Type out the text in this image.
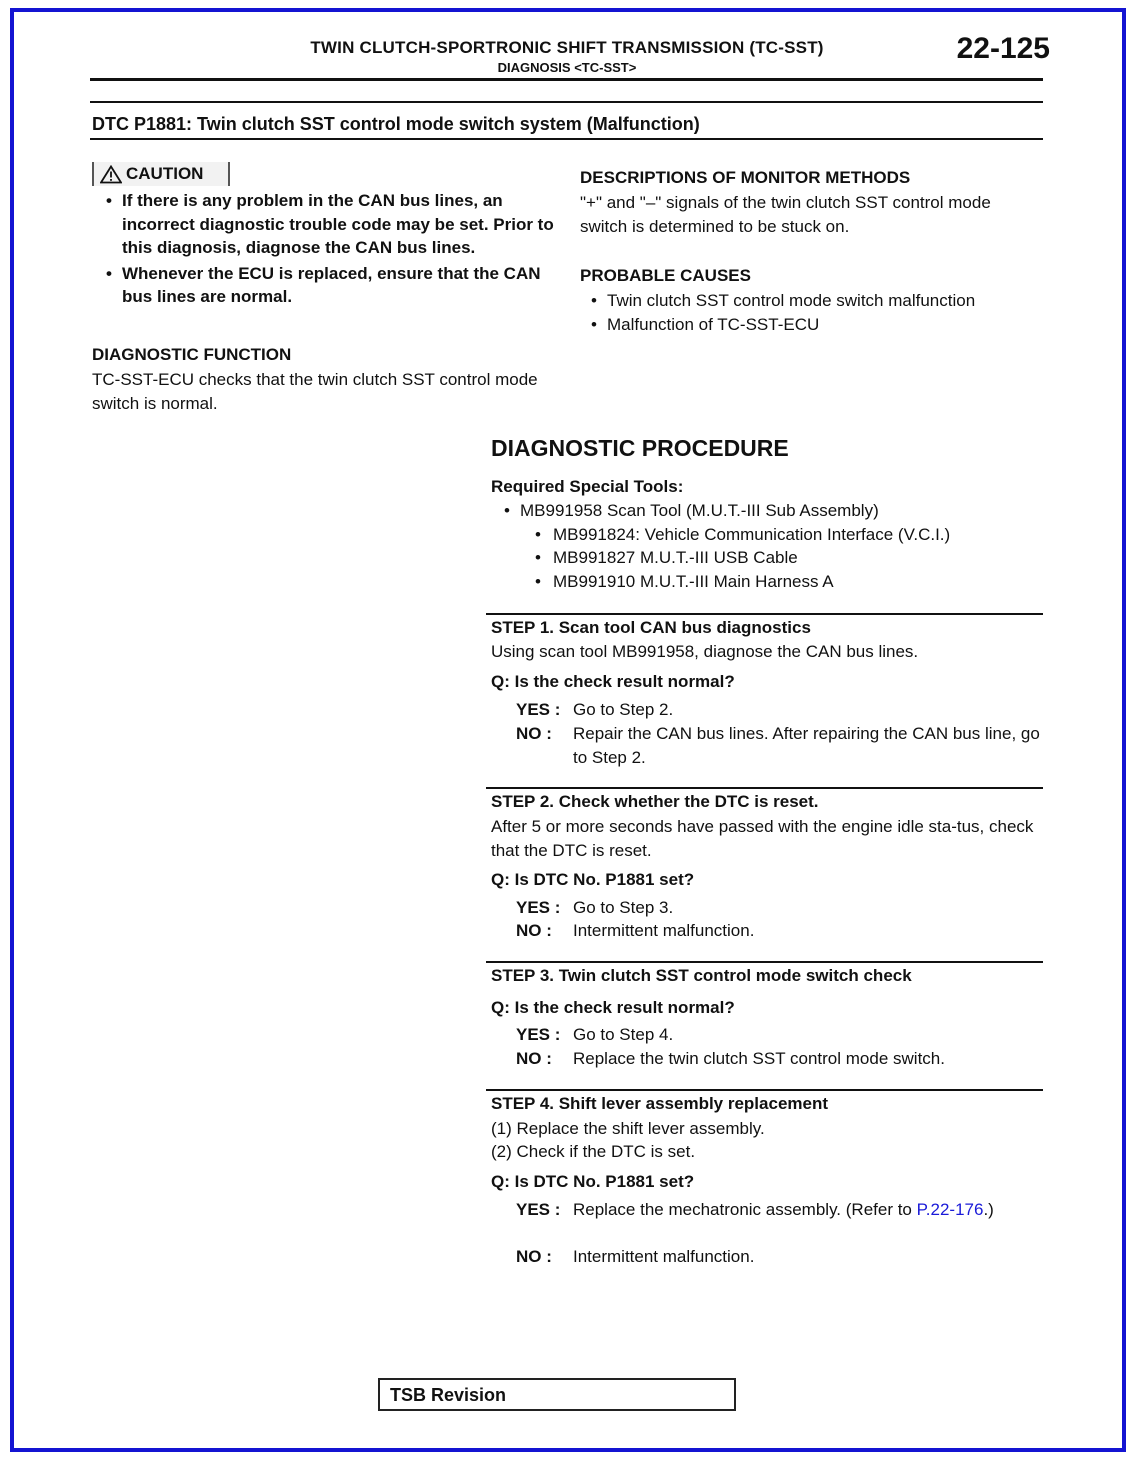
TWIN CLUTCH-SPORTRONIC SHIFT TRANSMISSION (TC-SST)
DIAGNOSIS <TC-SST>
22-125
DTC P1881: Twin clutch SST control mode switch system (Malfunction)
CAUTION
• If there is any problem in the CAN bus lines, an incorrect diagnostic trouble code may be set. Prior to this diagnosis, diagnose the CAN bus lines.
• Whenever the ECU is replaced, ensure that the CAN bus lines are normal.
DIAGNOSTIC FUNCTION
TC-SST-ECU checks that the twin clutch SST control mode switch is normal.
DESCRIPTIONS OF MONITOR METHODS
"+" and "–" signals of the twin clutch SST control mode switch is determined to be stuck on.
PROBABLE CAUSES
• Twin clutch SST control mode switch malfunction
• Malfunction of TC-SST-ECU
DIAGNOSTIC PROCEDURE
Required Special Tools:
• MB991958 Scan Tool (M.U.T.-III Sub Assembly)
• MB991824: Vehicle Communication Interface (V.C.I.)
• MB991827 M.U.T.-III USB Cable
• MB991910 M.U.T.-III Main Harness A
STEP 1. Scan tool CAN bus diagnostics
Using scan tool MB991958, diagnose the CAN bus lines.
Q: Is the check result normal?
YES : Go to Step 2.
NO :	Repair the CAN bus lines. After repairing the CAN bus line, go to Step 2.
STEP 2. Check whether the DTC is reset.
After 5 or more seconds have passed with the engine idle sta-tus, check that the DTC is reset.
Q: Is DTC No. P1881 set?
YES : Go to Step 3.
NO :	Intermittent malfunction.
STEP 3. Twin clutch SST control mode switch check
Q: Is the check result normal?
YES : Go to Step 4.
NO :	Replace the twin clutch SST control mode switch.
STEP 4. Shift lever assembly replacement
(1) Replace the shift lever assembly.
(2) Check if the DTC is set.
Q: Is DTC No. P1881 set?
YES : Replace the mechatronic assembly. (Refer to P.22-176.)
NO :	Intermittent malfunction.
TSB Revision
